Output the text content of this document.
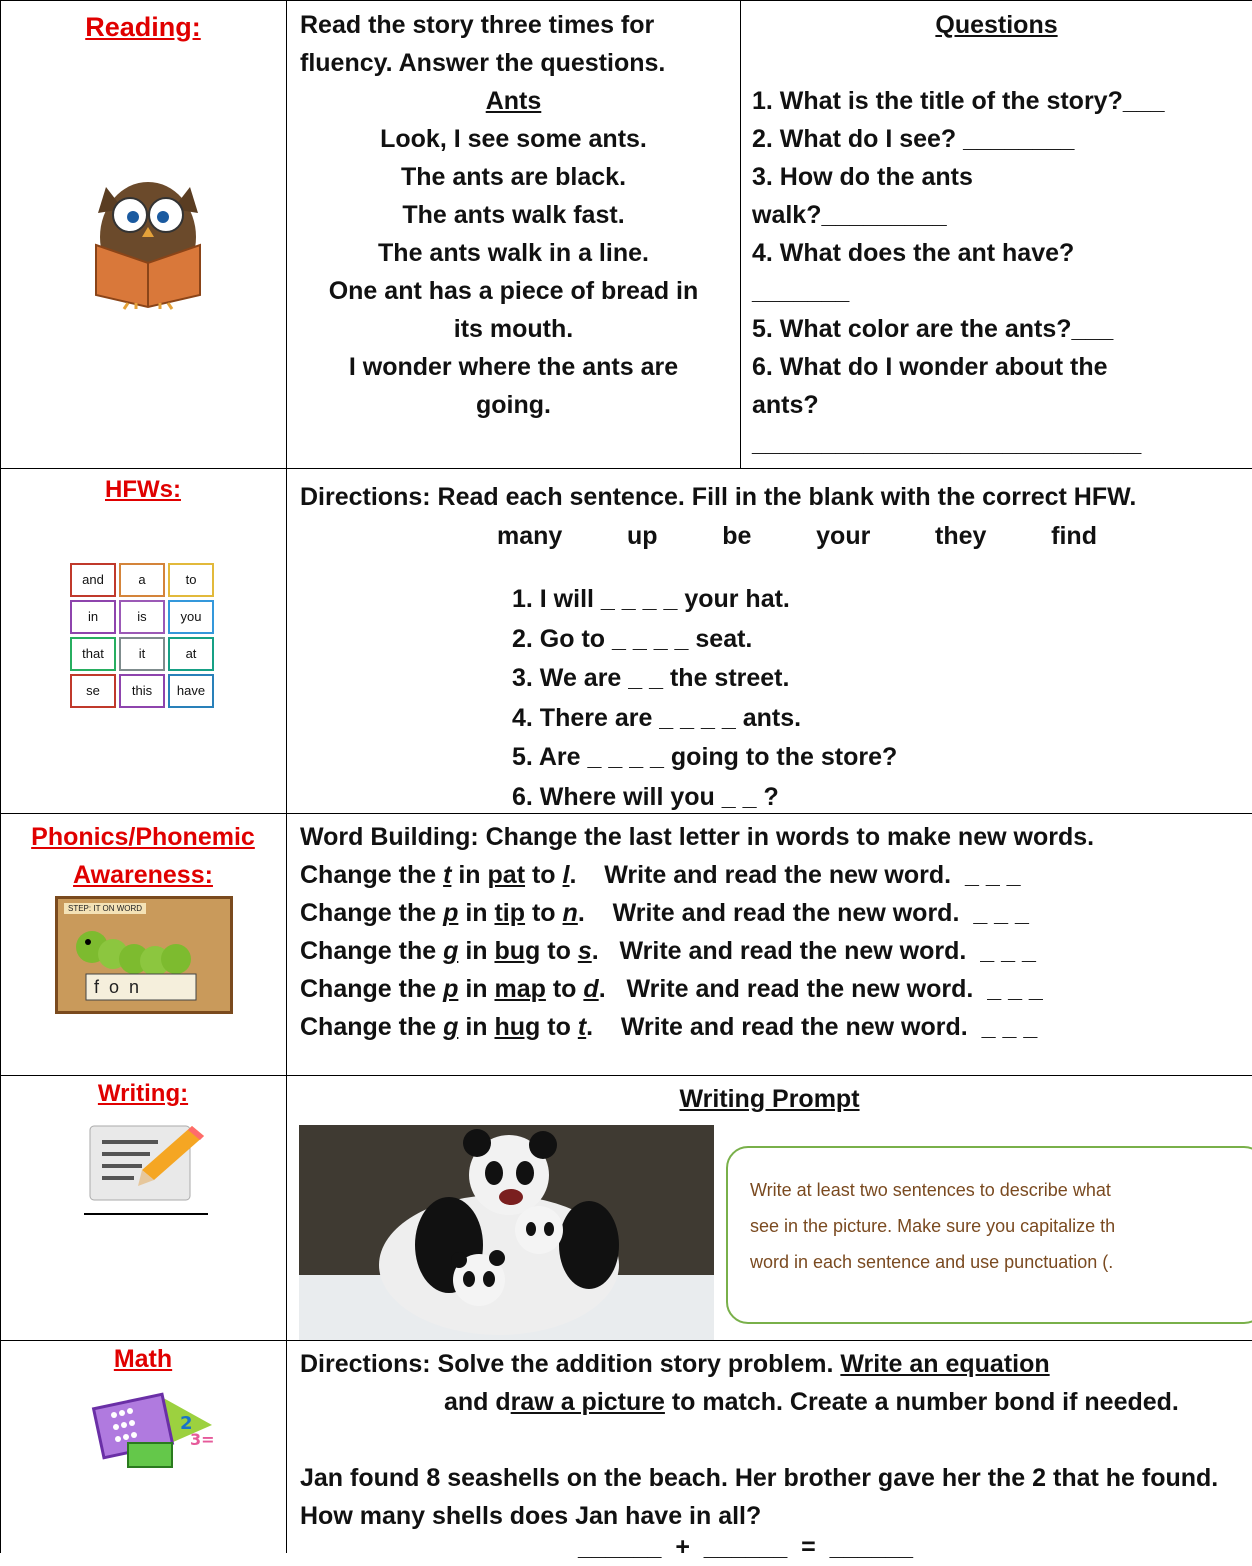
Reading:	Read the story three times for
fluency. Answer the questions.
Ants
Look, I see some ants.
The ants are black.
The ants walk fast.
The ants walk in a line.
One ant has a piece of bread in
its mouth.
I wonder where the ants are
going.
Questions
1. What is the title of the story?___
2. What do I see? ________
3. How do the ants
walk?_________
4. What does the ant have?
_______
5. What color are the ants?___
6. What do I wonder about the
ants?
____________________________
HFWs:
and	a	to
in	is	you
that	it	at
se	this	have
Directions: Read each sentence. Fill in the blank with the correct HFW.
many	up	be	your	they	find
1. I will _ _ _ _ your hat.
2. Go to _ _ _ _ seat.
3. We are _ _ the street.
4. There are _ _ _ _ ants.
5. Are _ _ _ _ going to the store?
6. Where will you _ _ ?
Phonics/Phonemic
Awareness:
STEP: IT ON WORD
f  o  n
Word Building: Change the last letter in words to make new words.
Change the t in pat to l. Write and read the new word. _ _ _
Change the p in tip to n. Write and read the new word. _ _ _
Change the g in bug to s. Write and read the new word. _ _ _
Change the p in map to d. Write and read the new word. _ _ _
Change the g in hug to t. Write and read the new word. _ _ _
Writing:	Writing Prompt
Write at least two sentences to describe what
see in the picture. Make sure you capitalize th
word in each sentence and use punctuation (.
Math
2
3=
Directions: Solve the addition story problem. Write an equation
and draw a picture to match. Create a number bond if needed.
Jan found 8 seashells on the beach. Her brother gave her the 2 that he found.
How many shells does Jan have in all?
______  +  ______  =  ______
